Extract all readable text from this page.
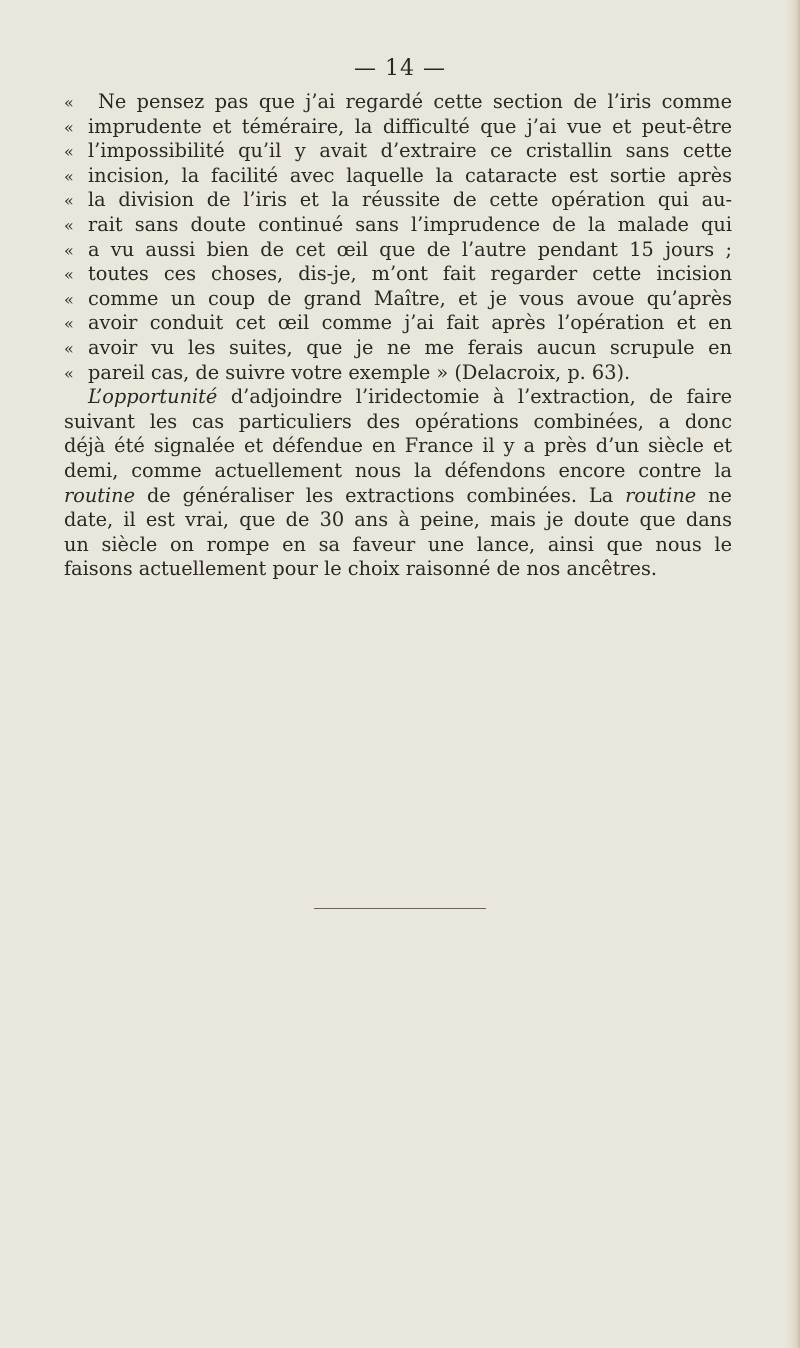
— 14 —
«	Ne pensez pas que j’ai regardé cette section de l’iris comme
« imprudente et téméraire, la difficulté que j’ai vue et peut-être
« l’impossibilité qu’il y avait d’extraire ce cristallin sans cette
« incision, la facilité avec laquelle la cataracte est sortie après
« la division de l’iris et la réussite de cette opération qui au-
« rait sans doute continué sans l’imprudence de la malade qui
« a vu aussi bien de cet œil que de l’autre pendant 15 jours ;
« toutes ces choses, dis-je, m’ont fait regarder cette incision
« comme un coup de grand Maître, et je vous avoue qu’après
« avoir conduit cet œil comme j’ai fait après l’opération et en
« avoir vu les suites, que je ne me ferais aucun scrupule en
« pareil cas, de suivre votre exemple » (Delacroix, p. 63).
L’opportunité d’adjoindre l’iridectomie à l’extraction, de faire
suivant les cas particuliers des opérations combinées, a donc
déjà été signalée et défendue en France il y a près d’un siècle et
demi, comme actuellement nous la défendons encore contre la
routine de généraliser les extractions combinées. La routine ne
date, il est vrai, que de 30 ans à peine, mais je doute que dans
un siècle on rompe en sa faveur une lance, ainsi que nous le
faisons actuellement pour le choix raisonné de nos ancêtres.
